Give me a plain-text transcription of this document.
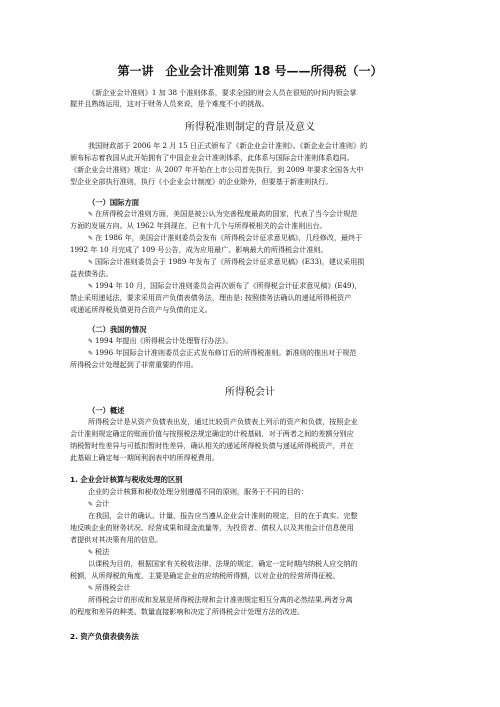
第一讲　企业会计准则第 18 号——所得税（一）
《新企业会计准则》1 加 38 个准则体系，要求全国的财会人员在很短的时间内领会掌
握并且熟练运用，这对于财务人员来说，是个难度不小的挑战。
所得税准则制定的背景及意义
我国财政部于 2006 年 2 月 15 日正式颁布了《新企业会计准则》。《新企业会计准则》的
颁布标志着我国从此开始拥有了中国企业会计准则体系，此体系与国际会计准则体系趋同。
《新企业会计准则》规定：从 2007 年开始在上市公司首先执行，到 2009 年要求全国各大中
型企业全部执行准则，执行《小企业会计制度》的企业除外，但要基于新准则执行。
（一）国际方面
✎ 在所得税会计准则方面，美国是被公认为完善程度最高的国家，代表了当今会计规范
方面的发展方向。从 1962 年到现在，已有十几个与所得税相关的会计准则出台。
✎ 在 1986 年，美国会计准则委员会发布《所得税会计征求意见稿》，几经修改，最终于
1992 年 10 月完成了 109 号公告，成为应用最广、影响最大的所得税会计准则。
✎ 国际会计准则委员会于 1989 年发布了《所得税会计征求意见稿》(E33)，建议采用损
益表债务法。
✎ 1994 年 10 月，国际会计准则委员会再次颁布了《所得税会计征求意见稿》(E49)，
禁止采用递延法，要求采用资产负债表债务法，理由是: 按照债务法确认的递延所得税资产
或递延所得税负债更符合资产与负债的定义。
（二）我国的情况
✎ 1994 年提出《所得税会计处理暂行办法》。
✎ 1996 年国际会计准则委员会正式发布修订后的所得税准则。新准则的推出对于规范
所得税会计处理起到了非常重要的作用。
所得税会计
（一）概述
所得税会计是从资产负债表出发，通过比较资产负债表上列示的资产和负债，按照企业
会计准则规定确定的账面价值与按照税法规定确定的计税基础，对于两者之间的差额分别应
纳税暂时性差异与可抵扣暂时性差异，确认相关的递延所得税负债与递延所得税资产，并在
此基础上确定每一期间利润表中的所得税费用。
1. 企业会计核算与税收处理的区别
企业的会计核算和税收处理分别遵循不同的原则，服务于不同的目的：
✎ 会计
在我国，会计的确认、计量、报告应当遵从企业会计准则的规定，目的在于真实、完整
地反映企业的财务状况、经营成果和现金流量等，为投资者、债权人以及其他会计信息使用
者提供对其决策有用的信息。
✎ 税法
以课税为目的，根据国家有关税收法律、法规的规定，确定一定时期内纳税人应交纳的
税额，从所得税的角度，主要是确定企业的应纳税所得额，以对企业的经营所得征税。
✎ 所得税会计
所得税会计的形成和发展是所得税法规和会计准则规定相互分离的必然结果,两者分离
的程度和差异的种类、数量直接影响和决定了所得税会计处理方法的改进。
2. 资产负债表债务法
